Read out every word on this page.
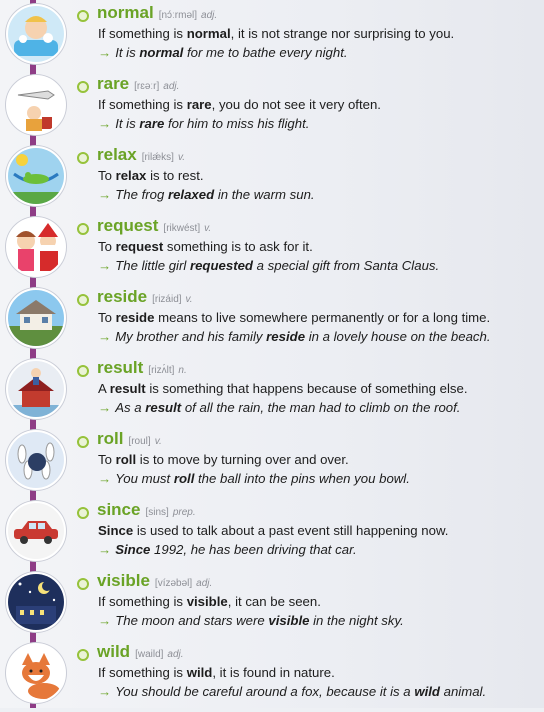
normal [nɔ́ːrməl] adj.
If something is normal, it is not strange nor surprising to you.
→ It is normal for me to bathe every night.
rare [rɛəːr] adj.
If something is rare, you do not see it very often.
→ It is rare for him to miss his flight.
relax [rilǽks] v.
To relax is to rest.
→ The frog relaxed in the warm sun.
request [rikwést] v.
To request something is to ask for it.
→ The little girl requested a special gift from Santa Claus.
reside [rizáid] v.
To reside means to live somewhere permanently or for a long time.
→ My brother and his family reside in a lovely house on the beach.
result [rizʌ́lt] n.
A result is something that happens because of something else.
→ As a result of all the rain, the man had to climb on the roof.
roll [roul] v.
To roll is to move by turning over and over.
→ You must roll the ball into the pins when you bowl.
since [sins] prep.
Since is used to talk about a past event still happening now.
→ Since 1992, he has been driving that car.
visible [vízəbəl] adj.
If something is visible, it can be seen.
→ The moon and stars were visible in the night sky.
wild [waild] adj.
If something is wild, it is found in nature.
→ You should be careful around a fox, because it is a wild animal.
